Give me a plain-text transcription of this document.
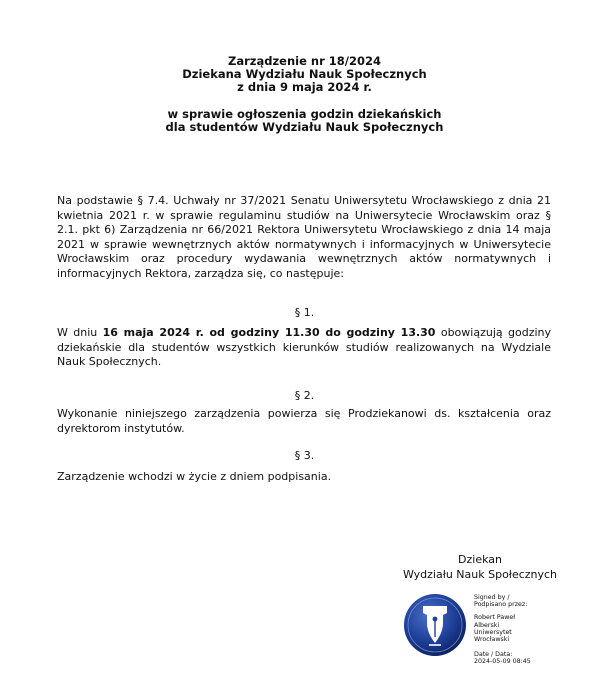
Zarządzenie nr 18/2024
Dziekana Wydziału Nauk Społecznych
z dnia 9 maja 2024 r.
w sprawie ogłoszenia godzin dziekańskich
dla studentów Wydziału Nauk Społecznych
Na podstawie § 7.4. Uchwały nr 37/2021 Senatu Uniwersytetu Wrocławskiego z dnia 21 kwietnia 2021 r. w sprawie regulaminu studiów na Uniwersytecie Wrocławskim oraz § 2.1. pkt 6) Zarządzenia nr 66/2021 Rektora Uniwersytetu Wrocławskiego z dnia 14 maja 2021 w sprawie wewnętrznych aktów normatywnych i informacyjnych w Uniwersytecie Wrocławskim oraz procedury wydawania wewnętrznych aktów normatywnych i informacyjnych Rektora, zarządza się, co następuje:
§ 1.
W dniu 16 maja 2024 r. od godziny 11.30 do godziny 13.30 obowiązują godziny dziekańskie dla studentów wszystkich kierunków studiów realizowanych na Wydziale Nauk Społecznych.
§ 2.
Wykonanie niniejszego zarządzenia powierza się Prodziekanowi ds. kształcenia oraz dyrektorom instytutów.
§ 3.
Zarządzenie wchodzi w życie z dniem podpisania.
Dziekan
Wydziału Nauk Społecznych
Signed by /
Podpisano przez:
Robert Paweł
Alberski
Uniwersytet
Wrocławski
Date / Data:
2024-05-09 08:45
